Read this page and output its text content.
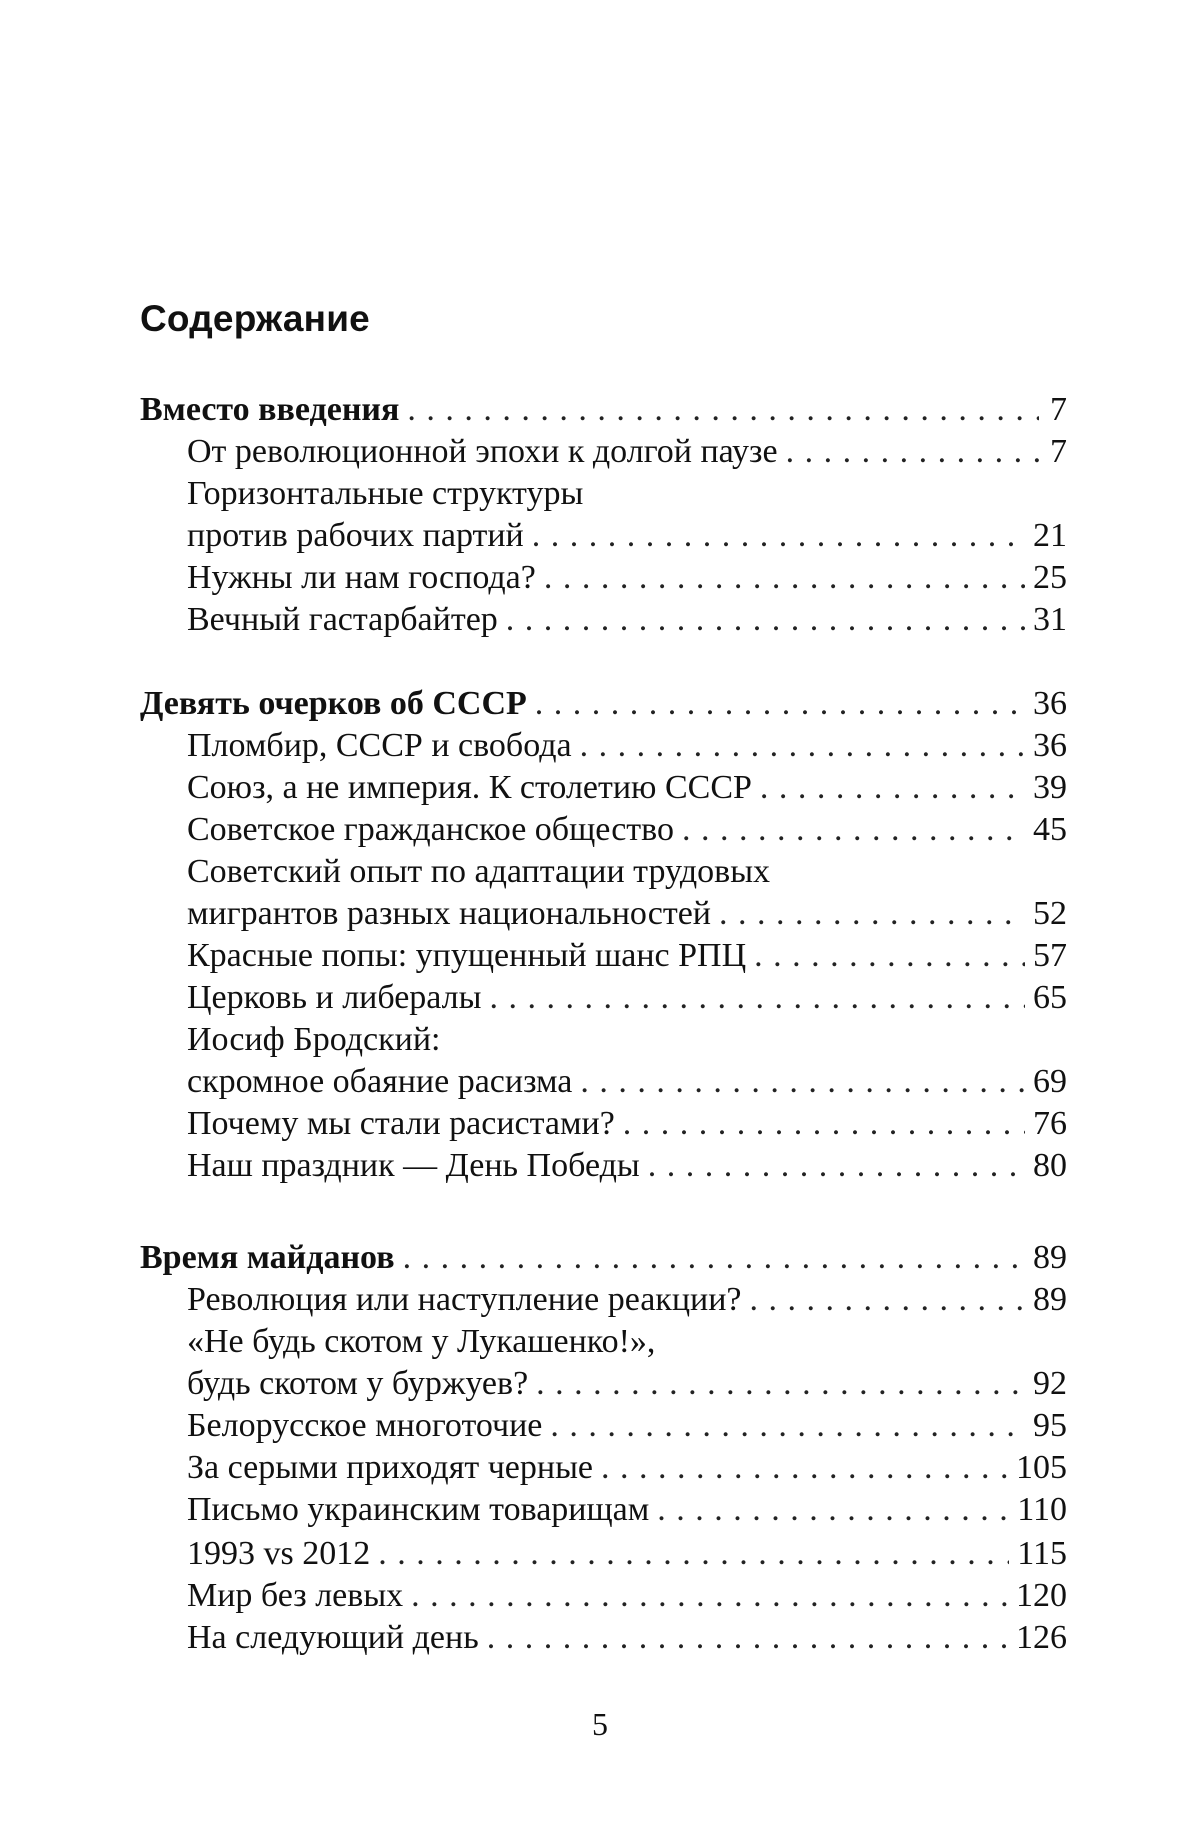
Содержание
Вместо введения . . .	7
От революционной эпохи к долгой паузе . . .	7
Горизонтальные структуры
против рабочих партий . . .	21
Нужны ли нам господа? . . .	25
Вечный гастарбайтер . . .	31
Девять очерков об СССР . . .	36
Пломбир, СССР и свобода . . .	36
Союз, а не империя. К столетию СССР . . .	39
Советское гражданское общество . . .	45
Советский опыт по адаптации трудовых
мигрантов разных национальностей . . .	52
Красные попы: упущенный шанс РПЦ . . .	57
Церковь и либералы . . .	65
Иосиф Бродский:
скромное обаяние расизма . . .	69
Почему мы стали расистами? . . .	76
Наш праздник — День Победы . . .	80
Время майданов . . .	89
Революция или наступление реакции? . . .	89
«Не будь скотом у Лукашенко!»,
будь скотом у буржуев? . . .	92
Белорусское многоточие . . .	95
За серыми приходят черные . . .	105
Письмо украинским товарищам . . .	110
1993 vs 2012 . . .	115
Мир без левых . . .	120
На следующий день . . .	126
5
